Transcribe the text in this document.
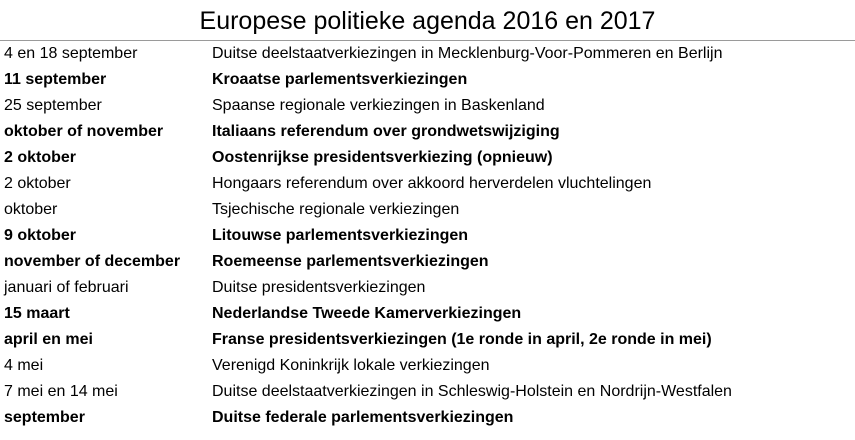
Europese politieke agenda 2016 en 2017
4 en 18 september	Duitse deelstaatverkiezingen in Mecklenburg-Voor-Pommeren en Berlijn
11 september	Kroaatse parlementsverkiezingen
25 september	Spaanse regionale verkiezingen in Baskenland
oktober of november	Italiaans referendum over grondwetswijziging
2 oktober	Oostenrijkse presidentsverkiezing (opnieuw)
2 oktober	Hongaars referendum over akkoord herverdelen vluchtelingen
oktober	Tsjechische regionale verkiezingen
9 oktober	Litouwse parlementsverkiezingen
november of december	Roemeense parlementsverkiezingen
januari of februari	Duitse presidentsverkiezingen
15 maart	Nederlandse Tweede Kamerverkiezingen
april en mei	Franse presidentsverkiezingen (1e ronde in april, 2e ronde in mei)
4 mei	Verenigd Koninkrijk lokale verkiezingen
7 mei en 14 mei	Duitse deelstaatverkiezingen in Schleswig-Holstein en Nordrijn-Westfalen
september	Duitse federale parlementsverkiezingen
